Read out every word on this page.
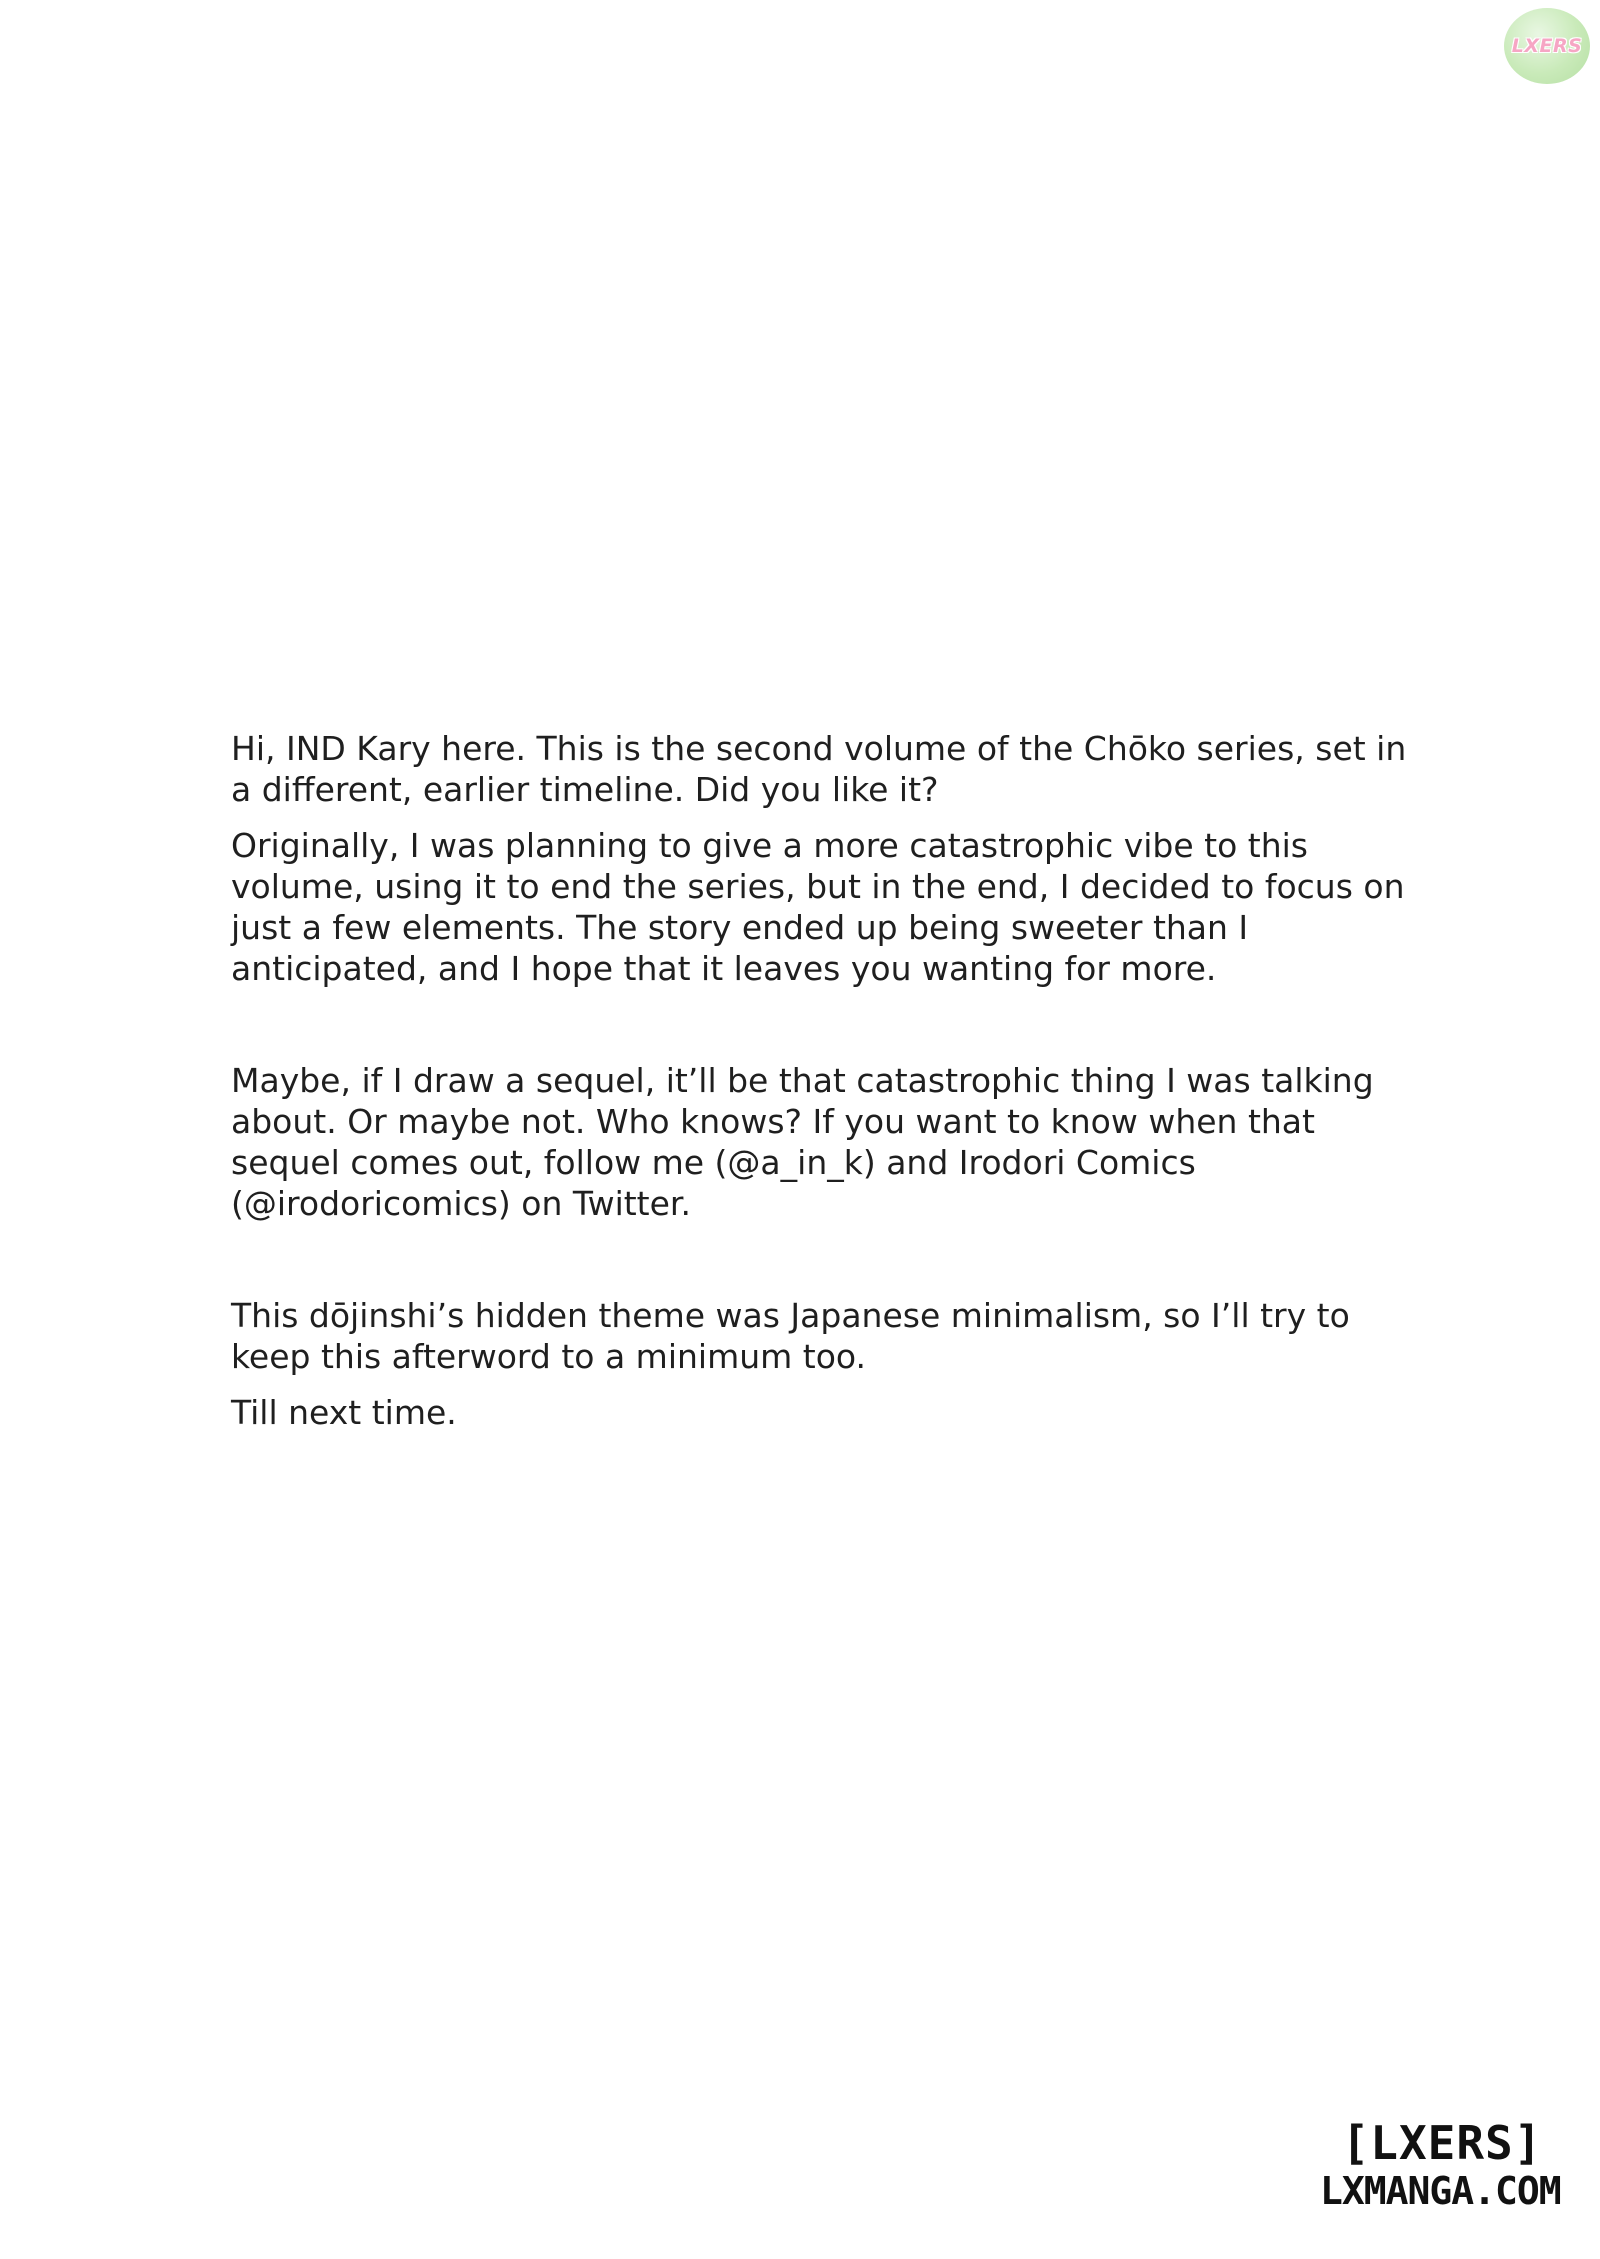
LXERS

Hi, IND Kary here. This is the second volume of the Chōko series, set in a different, earlier timeline. Did you like it?

Originally, I was planning to give a more catastrophic vibe to this volume, using it to end the series, but in the end, I decided to focus on just a few elements. The story ended up being sweeter than I anticipated, and I hope that it leaves you wanting for more.

Maybe, if I draw a sequel, it’ll be that catastrophic thing I was talking about. Or maybe not. Who knows? If you want to know when that sequel comes out, follow me (@a_in_k) and Irodori Comics (@irodoricomics) on Twitter.

This dōjinshi’s hidden theme was Japanese minimalism, so I’ll try to keep this afterword to a minimum too.

Till next time.

[LXERS]
LXMANGA.COM
